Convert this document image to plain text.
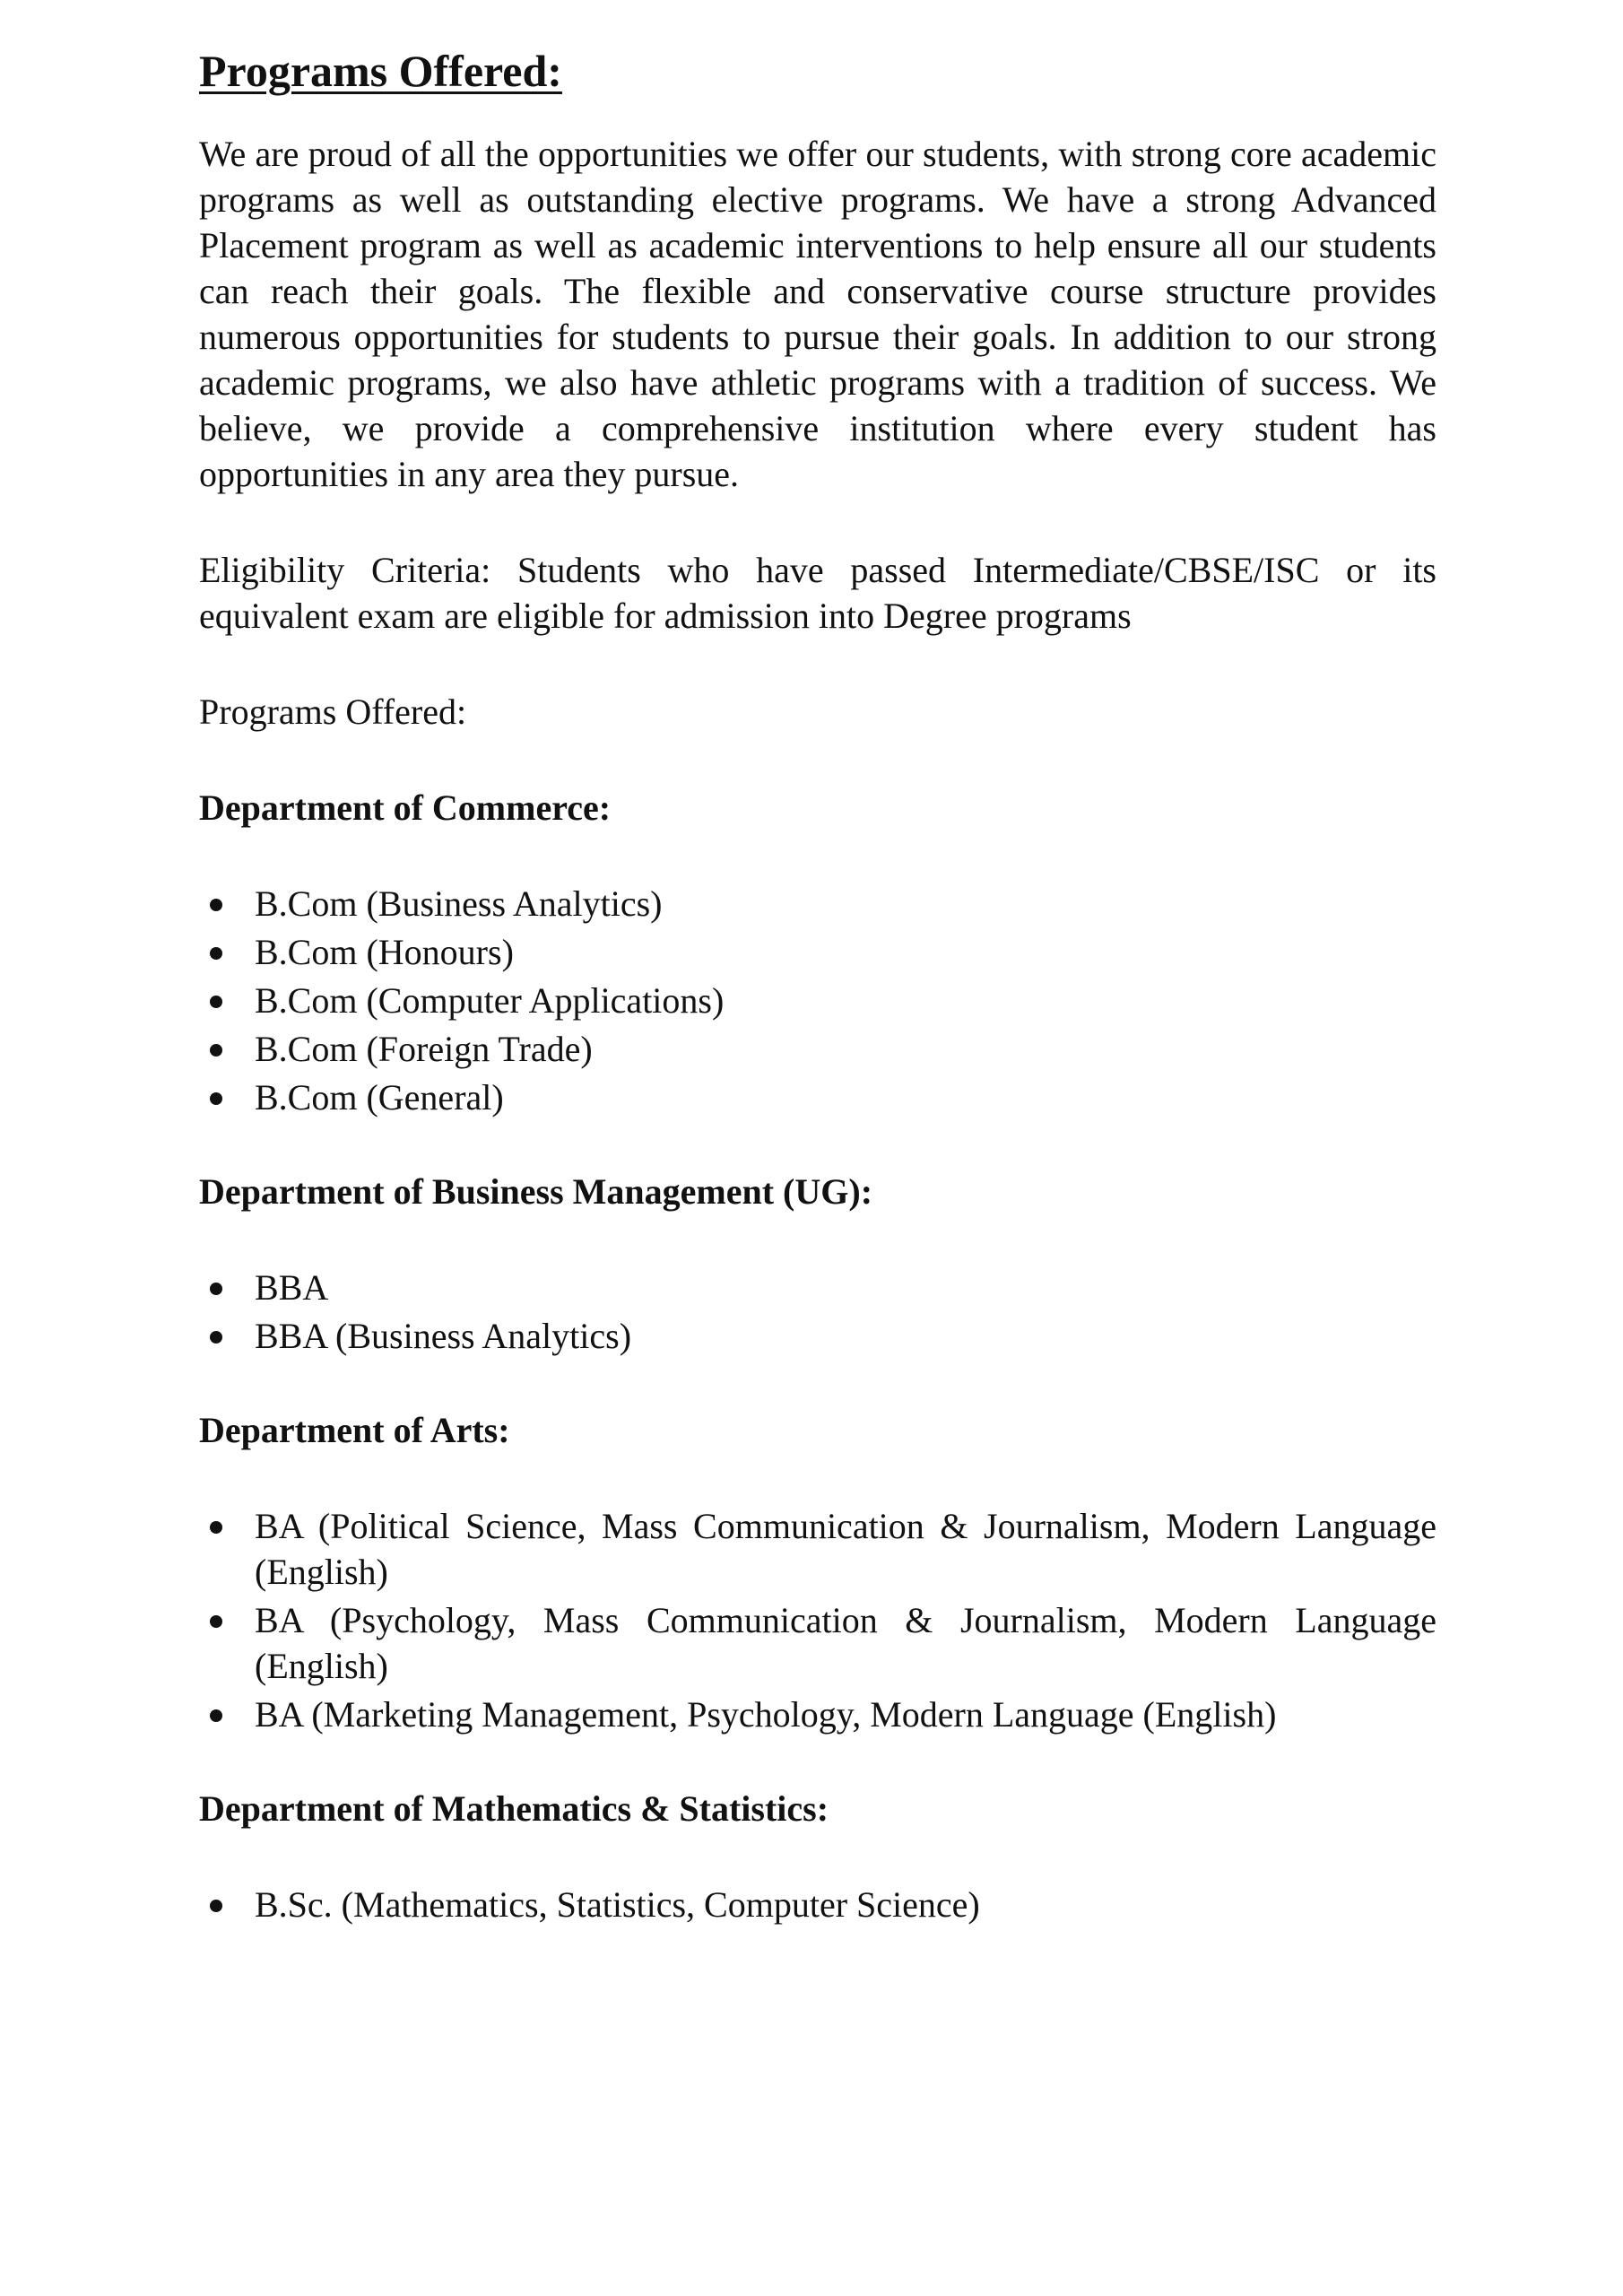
Programs Offered:

We are proud of all the opportunities we offer our students, with strong core academic programs as well as outstanding elective programs. We have a strong Advanced Placement program as well as academic interventions to help ensure all our students can reach their goals. The flexible and conservative course structure provides numerous opportunities for students to pursue their goals. In addition to our strong academic programs, we also have athletic programs with a tradition of success. We believe, we provide a comprehensive institution where every student has opportunities in any area they pursue.

Eligibility Criteria: Students who have passed Intermediate/CBSE/ISC or its equivalent exam are eligible for admission into Degree programs

Programs Offered:

Department of Commerce:

B.Com (Business Analytics)
B.Com (Honours)
B.Com (Computer Applications)
B.Com (Foreign Trade)
B.Com (General)

Department of Business Management (UG):

BBA
BBA (Business Analytics)

Department of Arts:

BA (Political Science, Mass Communication & Journalism, Modern Language (English)
BA (Psychology, Mass Communication & Journalism, Modern Language (English)
BA (Marketing Management, Psychology, Modern Language (English)

Department of Mathematics & Statistics:

B.Sc. (Mathematics, Statistics, Computer Science)
